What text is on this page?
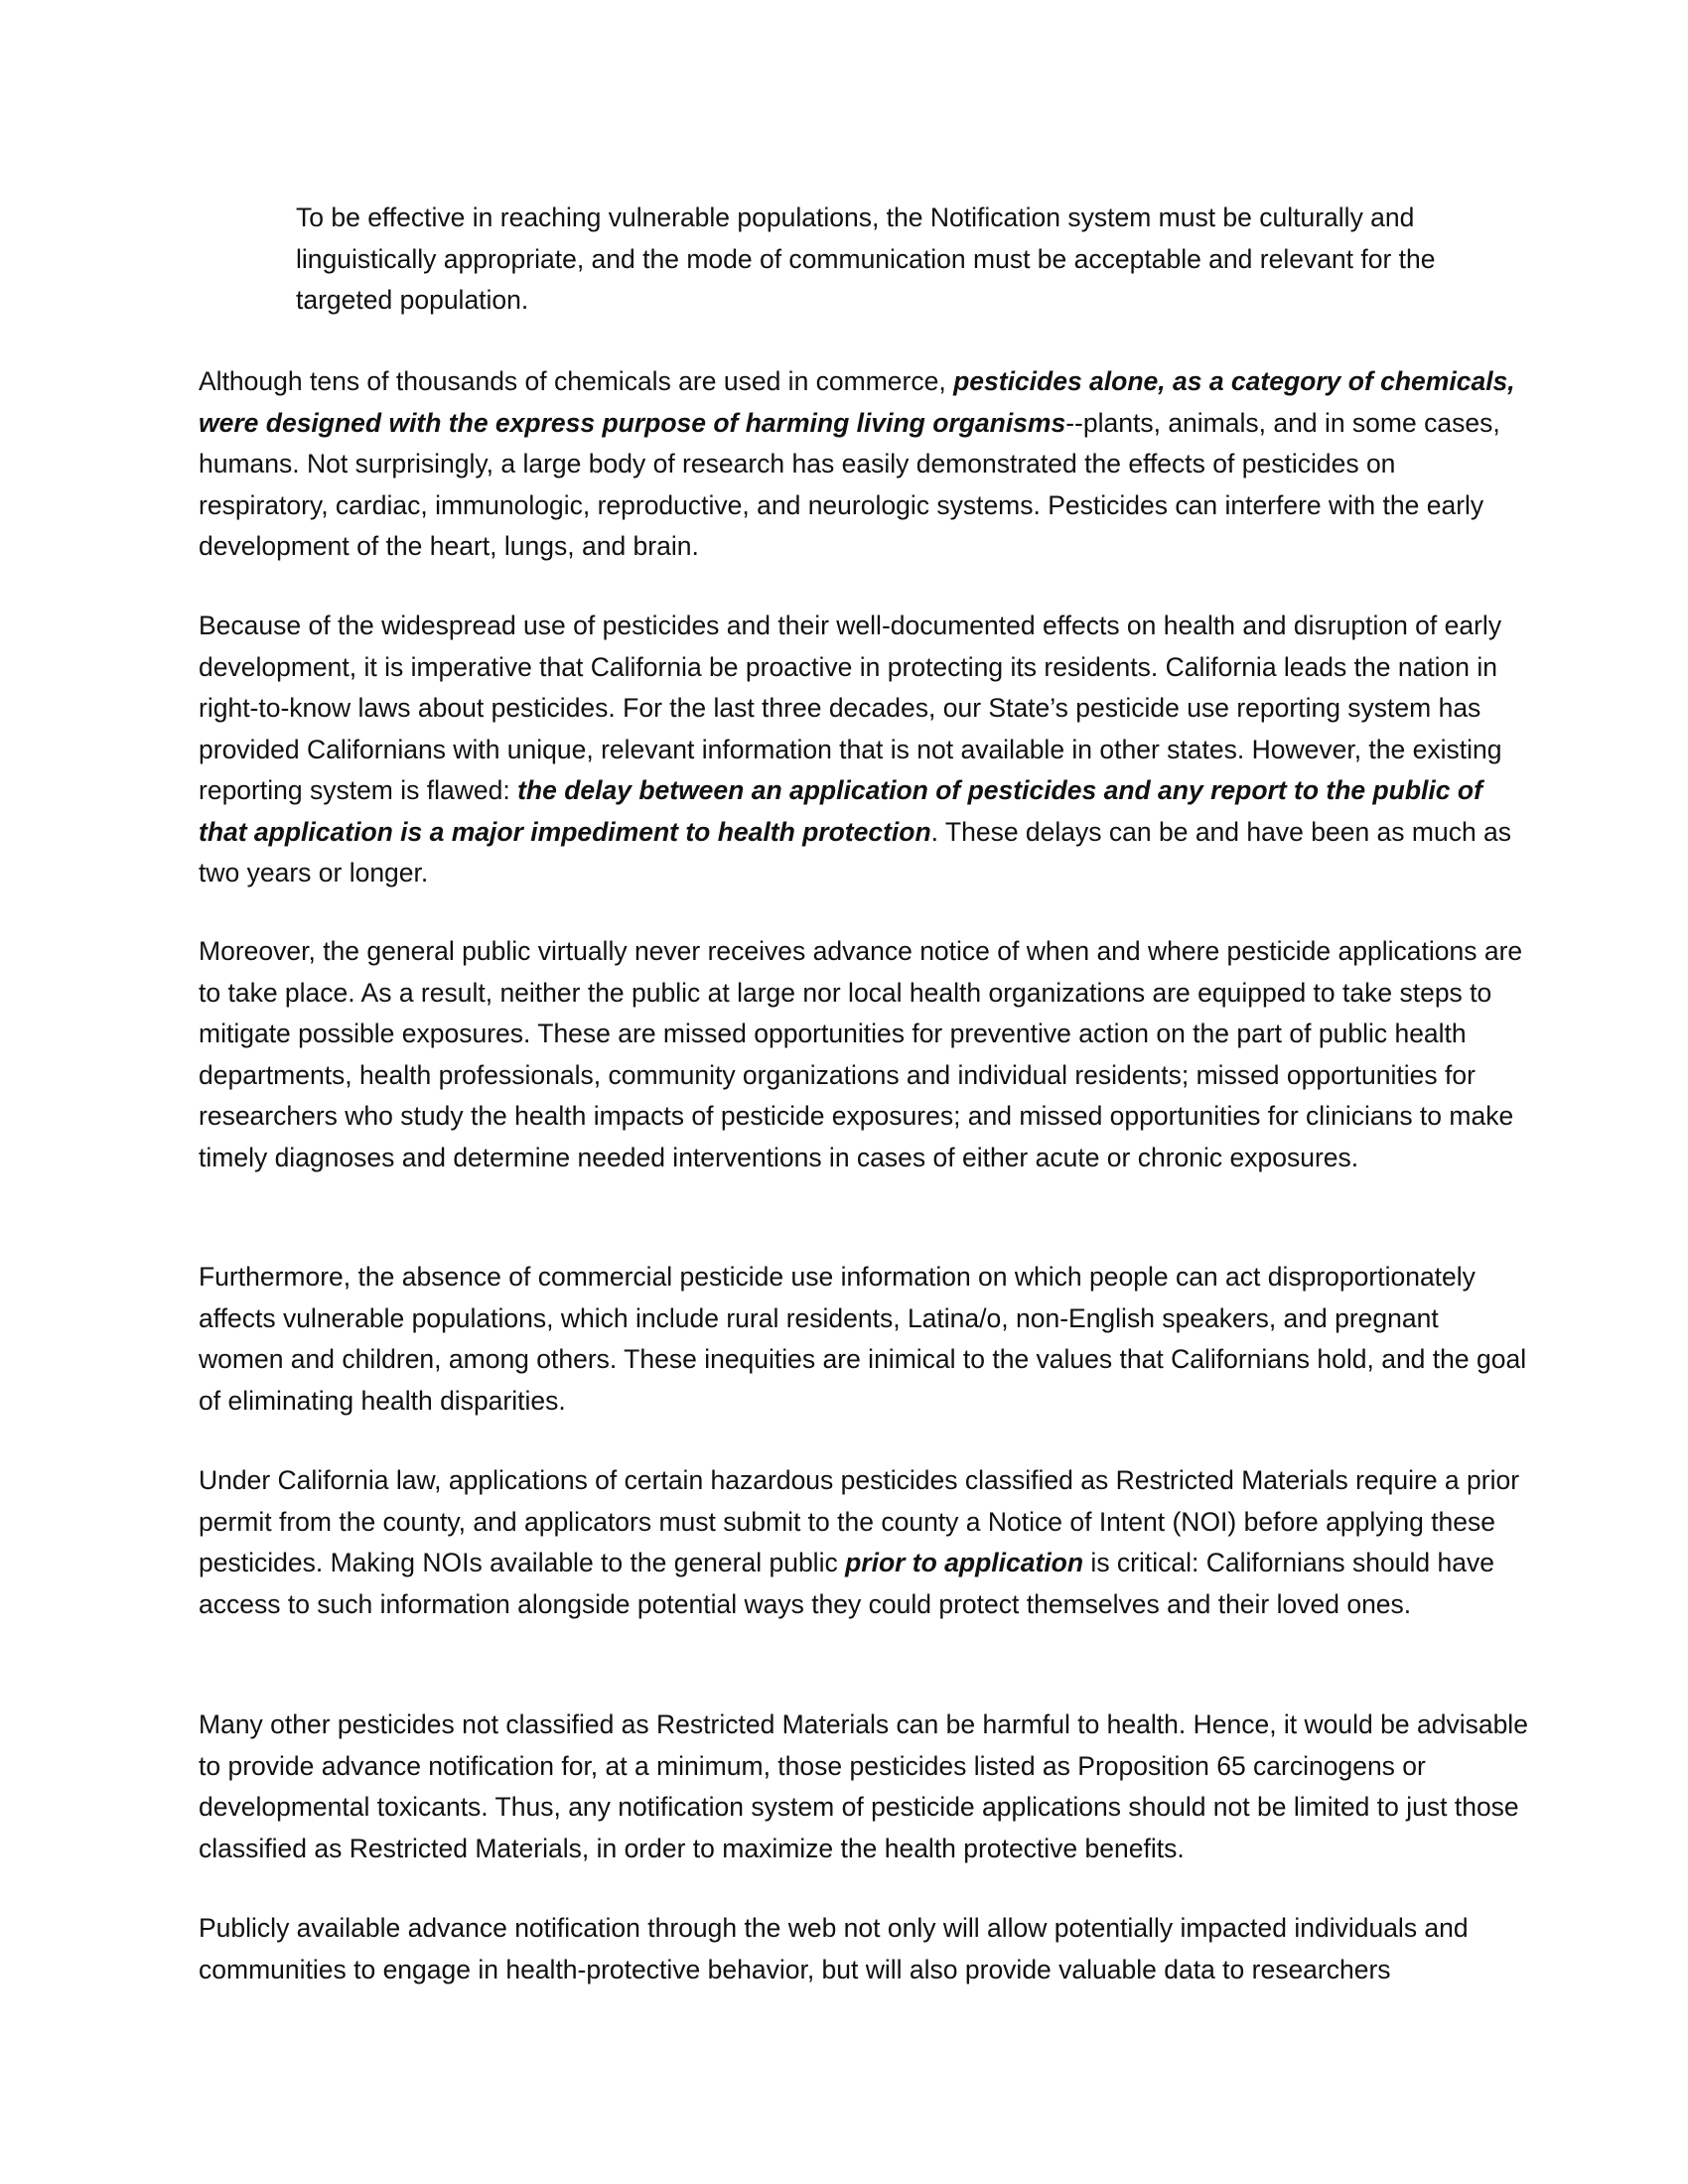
To be effective in reaching vulnerable populations, the Notification system must be culturally and linguistically appropriate, and the mode of communication must be acceptable and relevant for the targeted population.

Although tens of thousands of chemicals are used in commerce, pesticides alone, as a category of chemicals, were designed with the express purpose of harming living organisms--plants, animals, and in some cases, humans. Not surprisingly, a large body of research has easily demonstrated the effects of pesticides on respiratory, cardiac, immunologic, reproductive, and neurologic systems. Pesticides can interfere with the early development of the heart, lungs, and brain.

Because of the widespread use of pesticides and their well-documented effects on health and disruption of early development, it is imperative that California be proactive in protecting its residents. California leads the nation in right-to-know laws about pesticides. For the last three decades, our State’s pesticide use reporting system has provided Californians with unique, relevant information that is not available in other states. However, the existing reporting system is flawed: the delay between an application of pesticides and any report to the public of that application is a major impediment to health protection. These delays can be and have been as much as two years or longer.

Moreover, the general public virtually never receives advance notice of when and where pesticide applications are to take place. As a result, neither the public at large nor local health organizations are equipped to take steps to mitigate possible exposures. These are missed opportunities for preventive action on the part of public health departments, health professionals, community organizations and individual residents; missed opportunities for researchers who study the health impacts of pesticide exposures; and missed opportunities for clinicians to make timely diagnoses and determine needed interventions in cases of either acute or chronic exposures.

Furthermore, the absence of commercial pesticide use information on which people can act disproportionately affects vulnerable populations, which include rural residents, Latina/o, non-English speakers, and pregnant women and children, among others. These inequities are inimical to the values that Californians hold, and the goal of eliminating health disparities.

Under California law, applications of certain hazardous pesticides classified as Restricted Materials require a prior permit from the county, and applicators must submit to the county a Notice of Intent (NOI) before applying these pesticides. Making NOIs available to the general public prior to application is critical: Californians should have access to such information alongside potential ways they could protect themselves and their loved ones.

Many other pesticides not classified as Restricted Materials can be harmful to health. Hence, it would be advisable to provide advance notification for, at a minimum, those pesticides listed as Proposition 65 carcinogens or developmental toxicants. Thus, any notification system of pesticide applications should not be limited to just those classified as Restricted Materials, in order to maximize the health protective benefits.

Publicly available advance notification through the web not only will allow potentially impacted individuals and communities to engage in health-protective behavior, but will also provide valuable data to researchers
